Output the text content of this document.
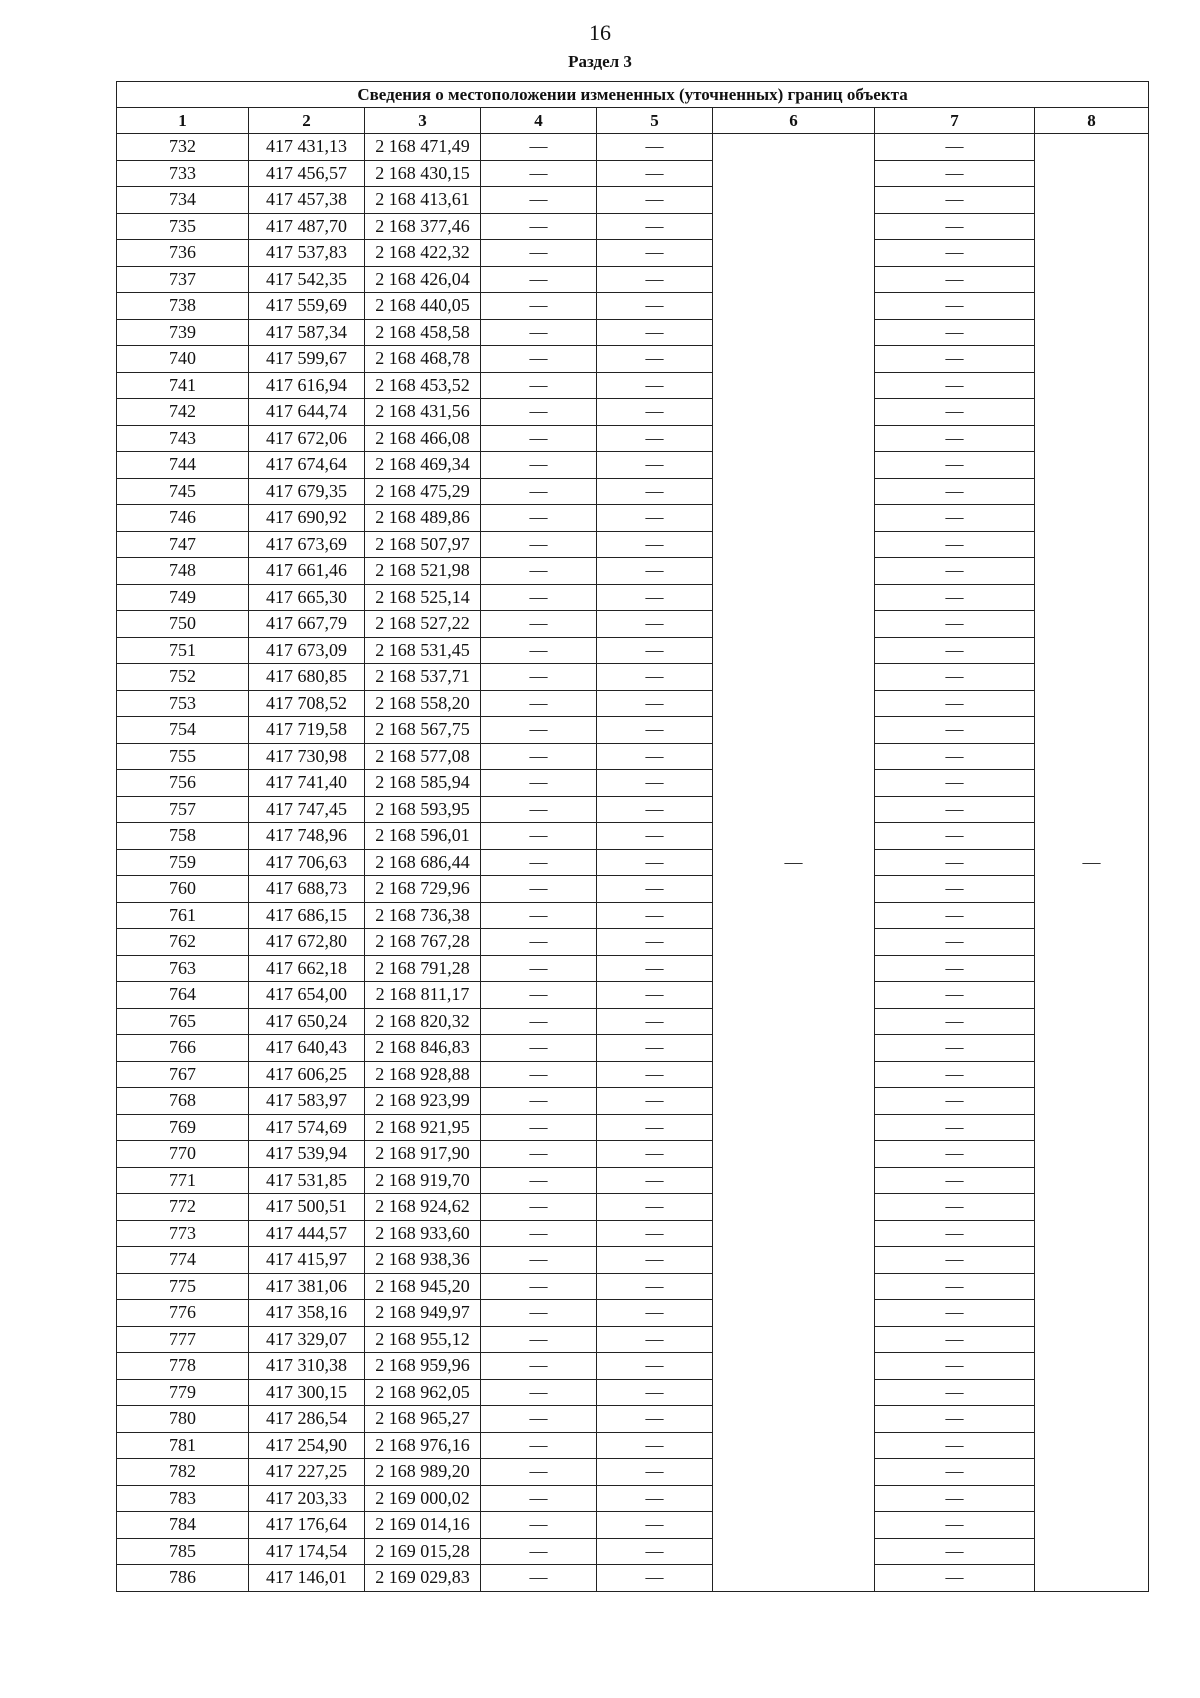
16
Раздел 3
Сведения о местоположении измененных (уточненных) границ объекта							
1	2	3	4	5	6	7	8
732	417 431,13	2 168 471,49	—	—	—	—	—
733	417 456,57	2 168 430,15	—	—		—	
734	417 457,38	2 168 413,61	—	—		—	
735	417 487,70	2 168 377,46	—	—		—	
736	417 537,83	2 168 422,32	—	—		—	
737	417 542,35	2 168 426,04	—	—		—	
738	417 559,69	2 168 440,05	—	—		—	
739	417 587,34	2 168 458,58	—	—		—	
740	417 599,67	2 168 468,78	—	—		—	
741	417 616,94	2 168 453,52	—	—		—	
742	417 644,74	2 168 431,56	—	—		—	
743	417 672,06	2 168 466,08	—	—		—	
744	417 674,64	2 168 469,34	—	—		—	
745	417 679,35	2 168 475,29	—	—		—	
746	417 690,92	2 168 489,86	—	—		—	
747	417 673,69	2 168 507,97	—	—		—	
748	417 661,46	2 168 521,98	—	—		—	
749	417 665,30	2 168 525,14	—	—		—	
750	417 667,79	2 168 527,22	—	—		—	
751	417 673,09	2 168 531,45	—	—		—	
752	417 680,85	2 168 537,71	—	—		—	
753	417 708,52	2 168 558,20	—	—		—	
754	417 719,58	2 168 567,75	—	—		—	
755	417 730,98	2 168 577,08	—	—		—	
756	417 741,40	2 168 585,94	—	—		—	
757	417 747,45	2 168 593,95	—	—		—	
758	417 748,96	2 168 596,01	—	—		—	
759	417 706,63	2 168 686,44	—	—		—	
760	417 688,73	2 168 729,96	—	—		—	
761	417 686,15	2 168 736,38	—	—		—	
762	417 672,80	2 168 767,28	—	—		—	
763	417 662,18	2 168 791,28	—	—		—	
764	417 654,00	2 168 811,17	—	—		—	
765	417 650,24	2 168 820,32	—	—		—	
766	417 640,43	2 168 846,83	—	—		—	
767	417 606,25	2 168 928,88	—	—		—	
768	417 583,97	2 168 923,99	—	—		—	
769	417 574,69	2 168 921,95	—	—		—	
770	417 539,94	2 168 917,90	—	—		—	
771	417 531,85	2 168 919,70	—	—		—	
772	417 500,51	2 168 924,62	—	—		—	
773	417 444,57	2 168 933,60	—	—		—	
774	417 415,97	2 168 938,36	—	—		—	
775	417 381,06	2 168 945,20	—	—		—	
776	417 358,16	2 168 949,97	—	—		—	
777	417 329,07	2 168 955,12	—	—		—	
778	417 310,38	2 168 959,96	—	—		—	
779	417 300,15	2 168 962,05	—	—		—	
780	417 286,54	2 168 965,27	—	—		—	
781	417 254,90	2 168 976,16	—	—		—	
782	417 227,25	2 168 989,20	—	—		—	
783	417 203,33	2 169 000,02	—	—		—	
784	417 176,64	2 169 014,16	—	—		—	
785	417 174,54	2 169 015,28	—	—		—	
786	417 146,01	2 169 029,83	—	—		—	
